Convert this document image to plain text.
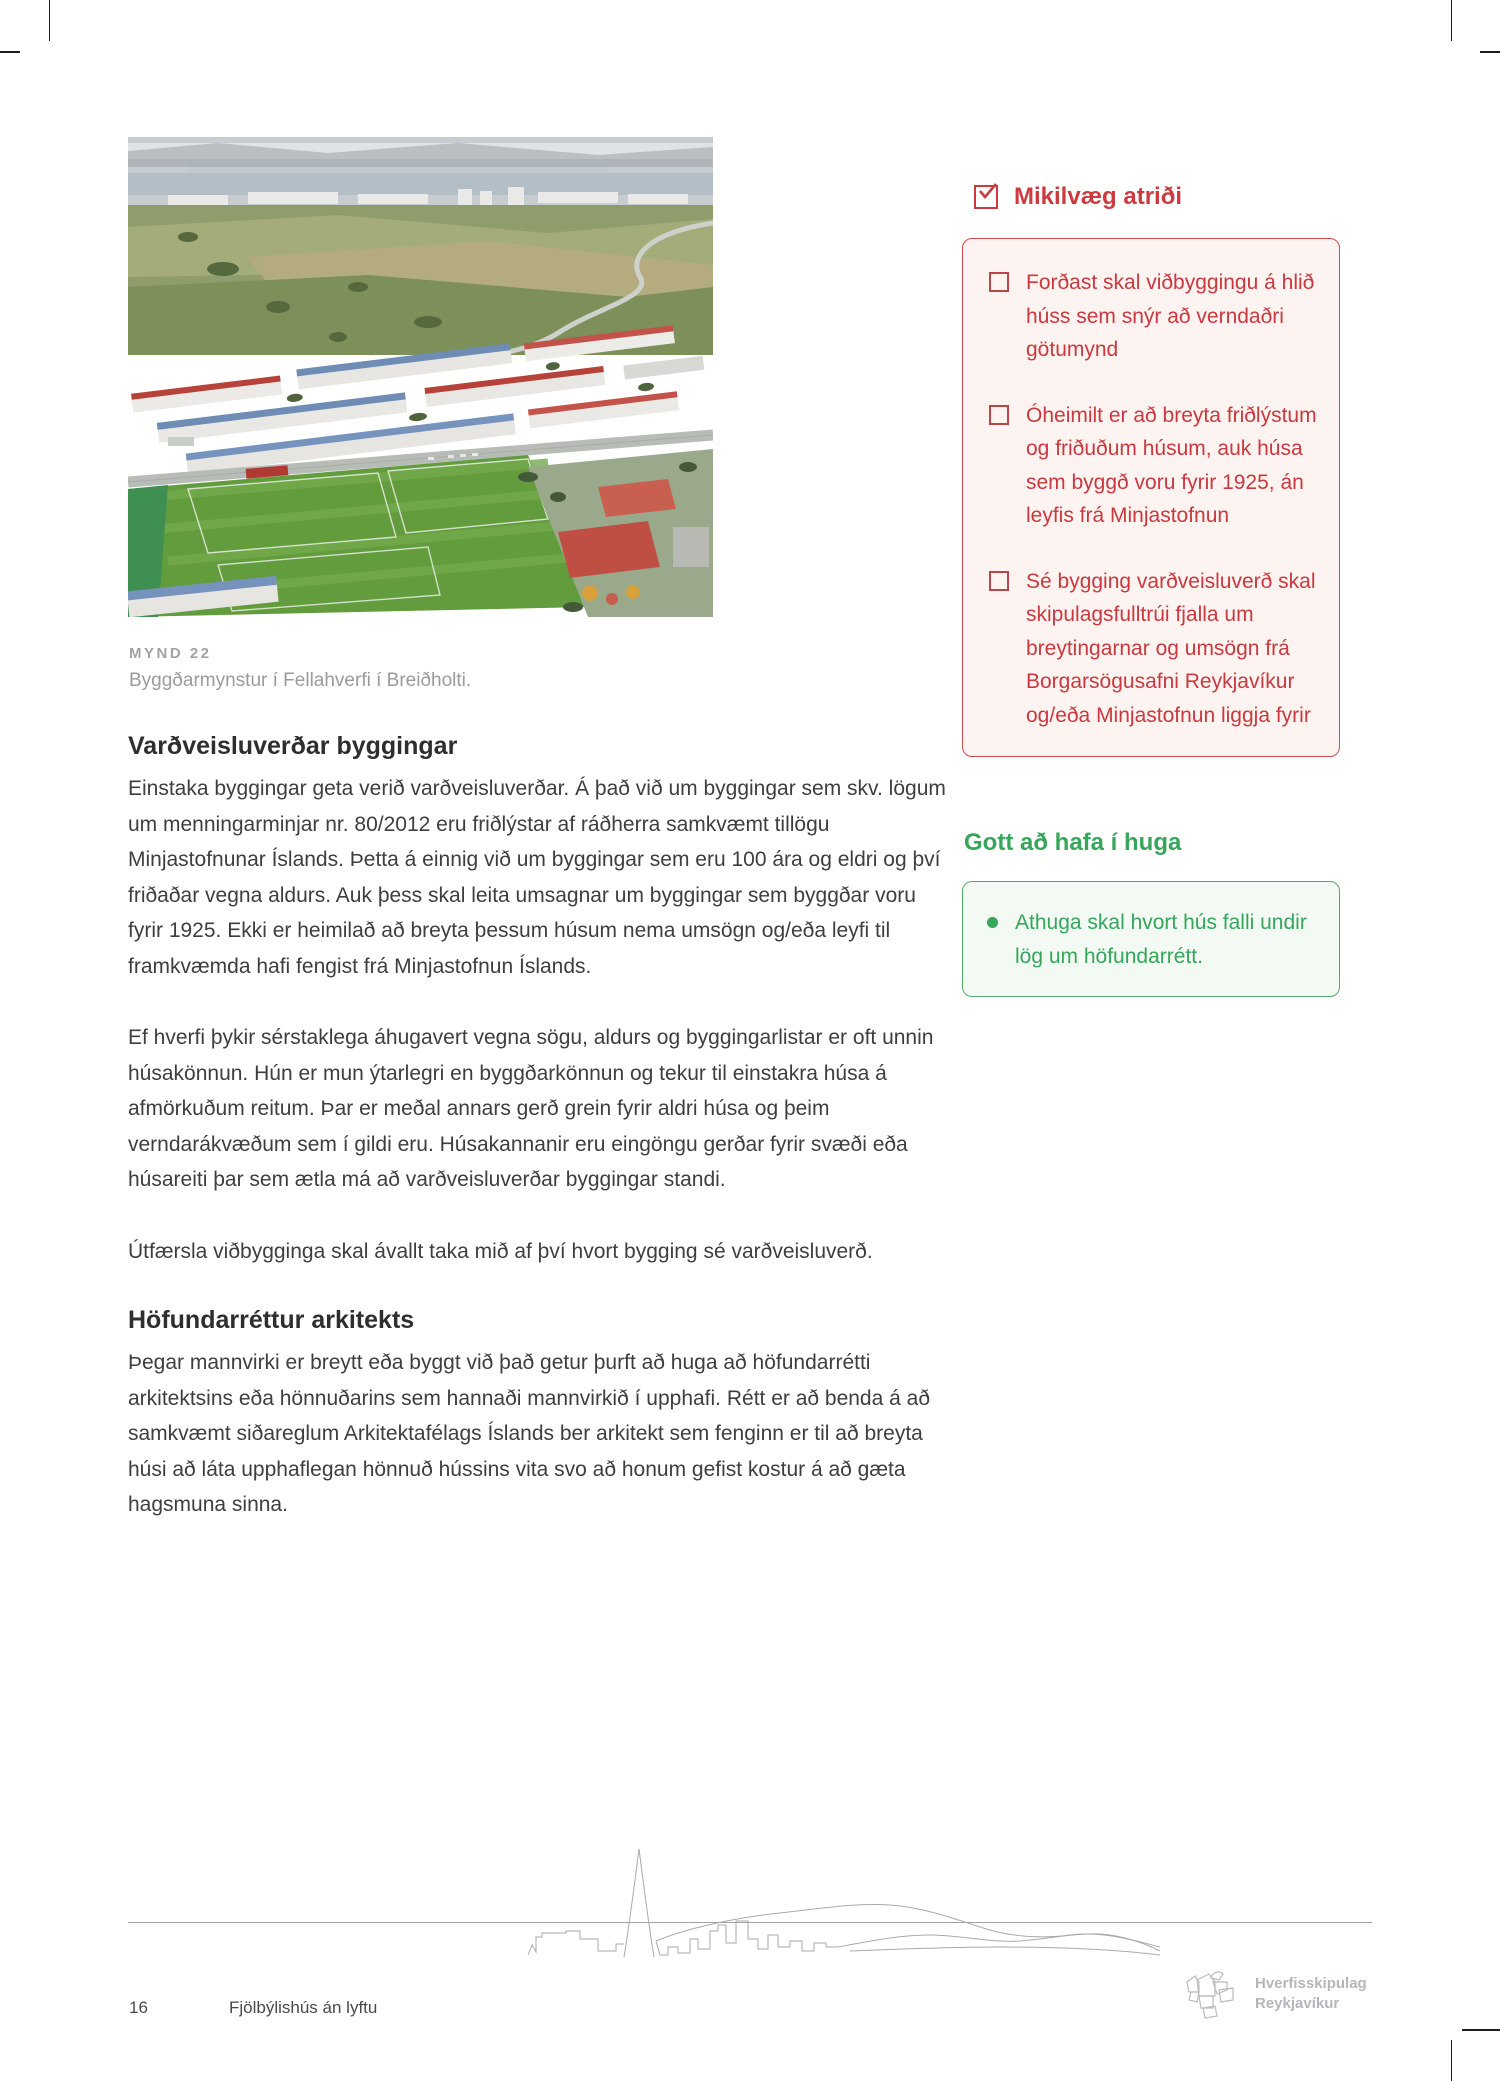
MYND 22
Byggðarmynstur í Fellahverfi í Breiðholti.
Varðveisluverðar byggingar

Einstaka byggingar geta verið varðveisluverðar. Á það við um byggingar sem skv. lögum um menningarminjar nr. 80/2012 eru friðlýstar af ráðherra samkvæmt tillögu Minjastofnunar Íslands. Þetta á einnig við um byggingar sem eru 100 ára og eldri og því friðaðar vegna aldurs. Auk þess skal leita umsagnar um byggingar sem byggðar voru fyrir 1925. Ekki er heimilað að breyta þessum húsum nema umsögn og/eða leyfi til framkvæmda hafi fengist frá Minjastofnun Íslands.

Ef hverfi þykir sérstaklega áhugavert vegna sögu, aldurs og byggingarlistar er oft unnin húsakönnun. Hún er mun ýtarlegri en byggðarkönnun og tekur til einstakra húsa á afmörkuðum reitum. Þar er meðal annars gerð grein fyrir aldri húsa og þeim verndarákvæðum sem í gildi eru. Húsakannanir eru eingöngu gerðar fyrir svæði eða húsareiti þar sem ætla má að varðveisluverðar byggingar standi.

Útfærsla viðbygginga skal ávallt taka mið af því hvort bygging sé varðveisluverð.

Höfundarréttur arkitekts

Þegar mannvirki er breytt eða byggt við það getur þurft að huga að höfundarrétti arkitektsins eða hönnuðarins sem hannaði mannvirkið í upphafi. Rétt er að benda á að samkvæmt siðareglum Arkitektafélags Íslands ber arkitekt sem fenginn er til að breyta húsi að láta upphaflegan hönnuð hússins vita svo að honum gefist kostur á að gæta hagsmuna sinna.

Mikilvæg atriði
Forðast skal viðbyggingu á hlið húss sem snýr að verndaðri götumynd
Óheimilt er að breyta friðlýstum og friðuðum húsum, auk húsa sem byggð voru fyrir 1925, án leyfis frá Minjastofnun
Sé bygging varðveisluverð skal skipulagsfulltrúi fjalla um breytingarnar og umsögn frá Borgarsögusafni Reykjavíkur og/eða Minjastofnun liggja fyrir
Gott að hafa í huga
Athuga skal hvort hús falli undir lög um höfundarrétt.
16	Fjölbýlishús án lyftu
Hverfisskipulag
Reykjavíkur
